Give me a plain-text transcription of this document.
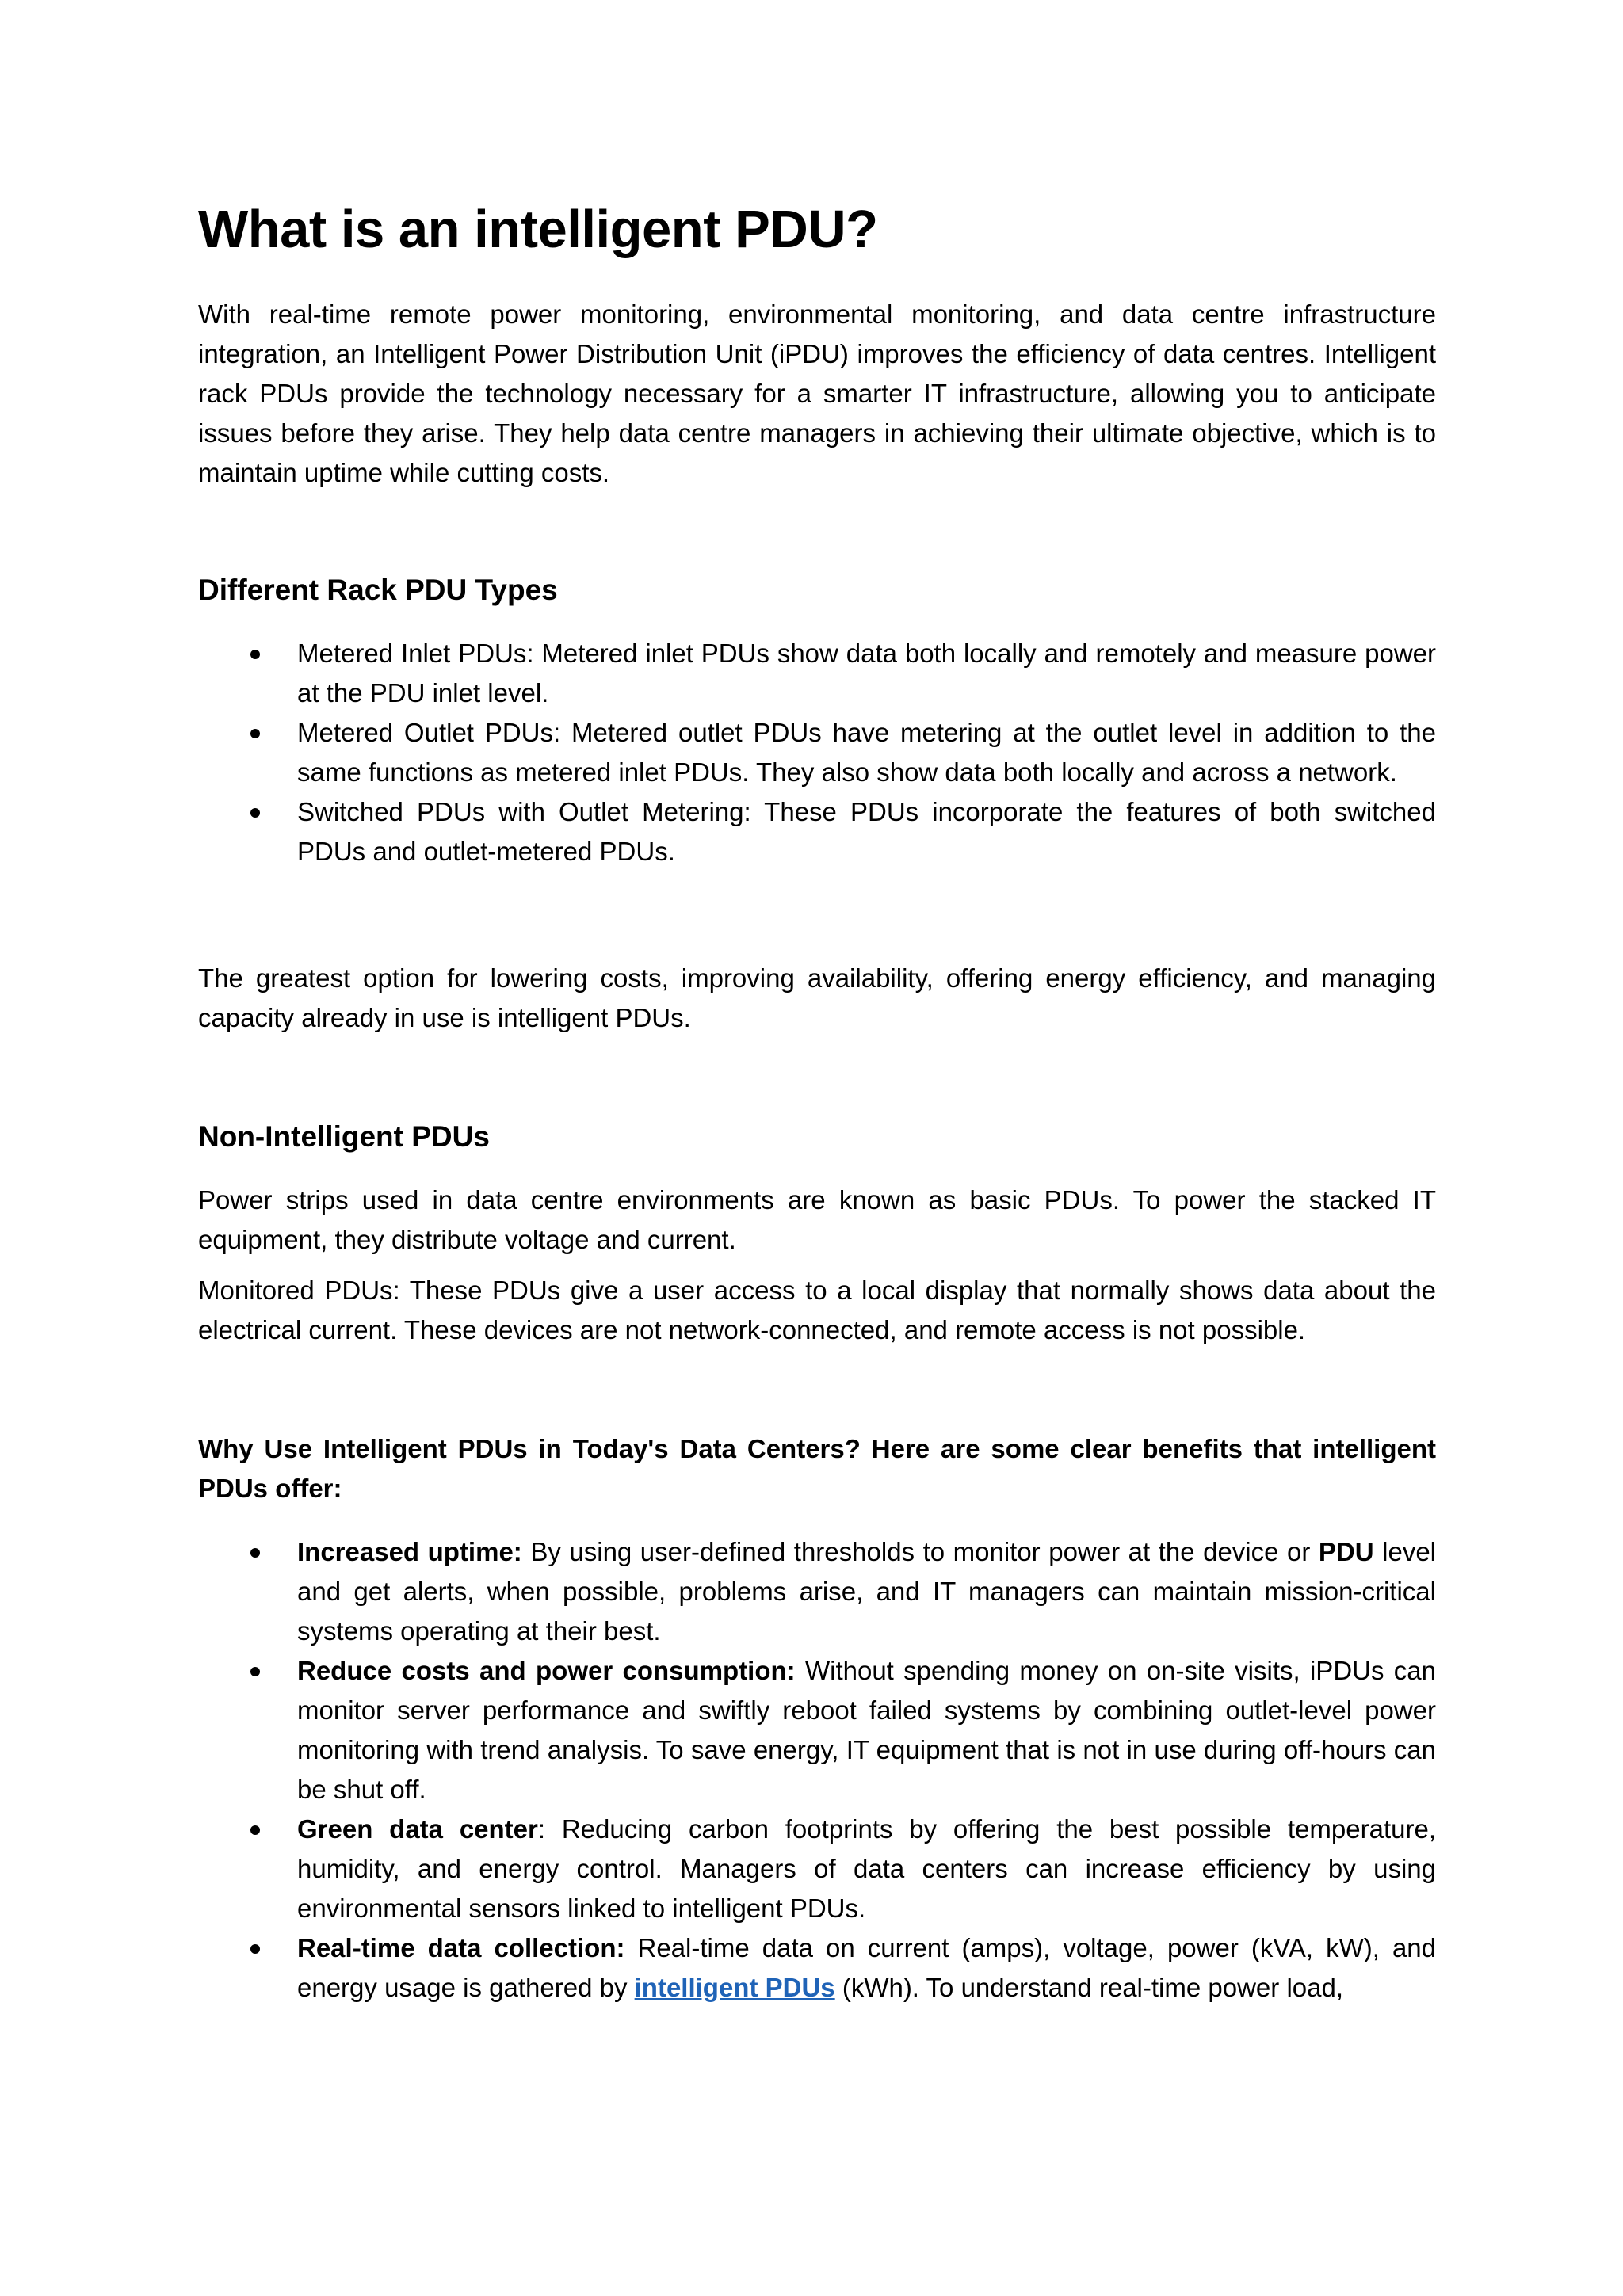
What is an intelligent PDU?

With real-time remote power monitoring, environmental monitoring, and data centre infrastructure integration, an Intelligent Power Distribution Unit (iPDU) improves the efficiency of data centres. Intelligent rack PDUs provide the technology necessary for a smarter IT infrastructure, allowing you to anticipate issues before they arise. They help data centre managers in achieving their ultimate objective, which is to maintain uptime while cutting costs.

Different Rack PDU Types
Metered Inlet PDUs: Metered inlet PDUs show data both locally and remotely and measure power at the PDU inlet level.
Metered Outlet PDUs: Metered outlet PDUs have metering at the outlet level in addition to the same functions as metered inlet PDUs. They also show data both locally and across a network.
Switched PDUs with Outlet Metering: These PDUs incorporate the features of both switched PDUs and outlet-metered PDUs.

The greatest option for lowering costs, improving availability, offering energy efficiency, and managing capacity already in use is intelligent PDUs.

Non-Intelligent PDUs

Power strips used in data centre environments are known as basic PDUs. To power the stacked IT equipment, they distribute voltage and current.

Monitored PDUs: These PDUs give a user access to a local display that normally shows data about the electrical current. These devices are not network-connected, and remote access is not possible.

Why Use Intelligent PDUs in Today's Data Centers? Here are some clear benefits that intelligent PDUs offer:

Increased uptime: By using user-defined thresholds to monitor power at the device or PDU level and get alerts, when possible, problems arise, and IT managers can maintain mission-critical systems operating at their best.
Reduce costs and power consumption: Without spending money on on-site visits, iPDUs can monitor server performance and swiftly reboot failed systems by combining outlet-level power monitoring with trend analysis. To save energy, IT equipment that is not in use during off-hours can be shut off.
Green data center: Reducing carbon footprints by offering the best possible temperature, humidity, and energy control. Managers of data centers can increase efficiency by using environmental sensors linked to intelligent PDUs.
Real-time data collection: Real-time data on current (amps), voltage, power (kVA, kW), and energy usage is gathered by intelligent PDUs (kWh). To understand real-time power load,
